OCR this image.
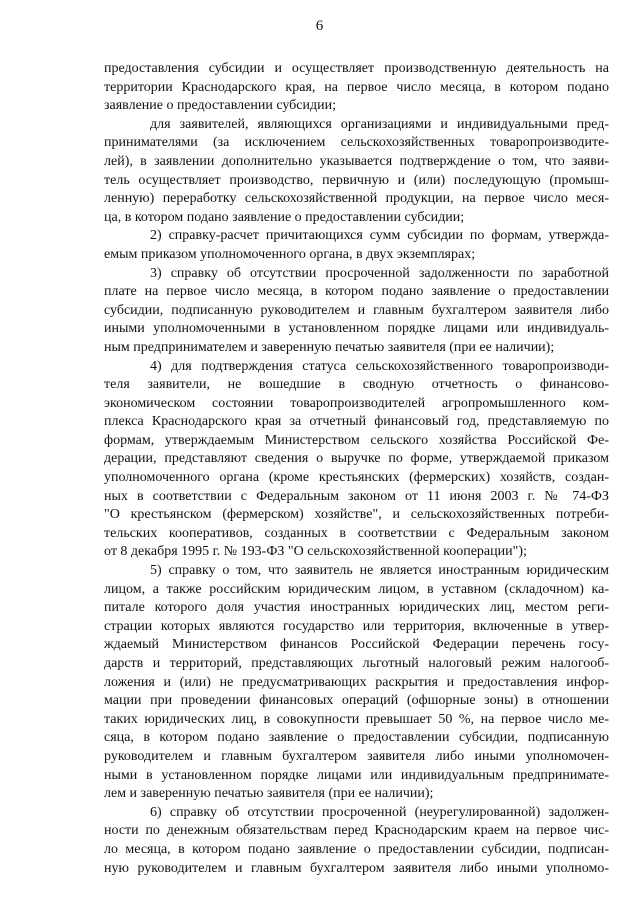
6
предоставления субсидии и осуществляет производственную деятельность на
территории Краснодарского края, на первое число месяца, в котором подано
заявление о предоставлении субсидии;
для заявителей, являющихся организациями и индивидуальными пред-
принимателями (за исключением сельскохозяйственных товаропроизводите-
лей), в заявлении дополнительно указывается подтверждение о том, что заяви-
тель осуществляет производство, первичную и (или) последующую (промыш-
ленную) переработку сельскохозяйственной продукции, на первое число меся-
ца, в котором подано заявление о предоставлении субсидии;
2) справку-расчет причитающихся сумм субсидии по формам, утвержда-
емым приказом уполномоченного органа, в двух экземплярах;
3) справку об отсутствии просроченной задолженности по заработной
плате на первое число месяца, в котором подано заявление о предоставлении
субсидии, подписанную руководителем и главным бухгалтером заявителя либо
иными уполномоченными в установленном порядке лицами или индивидуаль-
ным предпринимателем и заверенную печатью заявителя (при ее наличии);
4) для подтверждения статуса сельскохозяйственного товаропроизводи-
теля заявители, не вошедшие в сводную отчетность о финансово-
экономическом состоянии товаропроизводителей агропромышленного ком-
плекса Краснодарского края за отчетный финансовый год, представляемую по
формам, утверждаемым Министерством сельского хозяйства Российской Фе-
дерации, представляют сведения о выручке по форме, утверждаемой приказом
уполномоченного органа (кроме крестьянских (фермерских) хозяйств, создан-
ных в соответствии с Федеральным законом от 11 июня 2003 г. № 74-ФЗ
"О крестьянском (фермерском) хозяйстве", и сельскохозяйственных потреби-
тельских кооперативов, созданных в соответствии с Федеральным законом
от 8 декабря 1995 г. № 193-ФЗ "О сельскохозяйственной кооперации");
5) справку о том, что заявитель не является иностранным юридическим
лицом, а также российским юридическим лицом, в уставном (складочном) ка-
питале которого доля участия иностранных юридических лиц, местом реги-
страции которых являются государство или территория, включенные в утвер-
ждаемый Министерством финансов Российской Федерации перечень госу-
дарств и территорий, представляющих льготный налоговый режим налогооб-
ложения и (или) не предусматривающих раскрытия и предоставления инфор-
мации при проведении финансовых операций (офшорные зоны) в отношении
таких юридических лиц, в совокупности превышает 50 %, на первое число ме-
сяца, в котором подано заявление о предоставлении субсидии, подписанную
руководителем и главным бухгалтером заявителя либо иными уполномочен-
ными в установленном порядке лицами или индивидуальным предпринимате-
лем и заверенную печатью заявителя (при ее наличии);
6) справку об отсутствии просроченной (неурегулированной) задолжен-
ности по денежным обязательствам перед Краснодарским краем на первое чис-
ло месяца, в котором подано заявление о предоставлении субсидии, подписан-
ную руководителем и главным бухгалтером заявителя либо иными уполномо-
